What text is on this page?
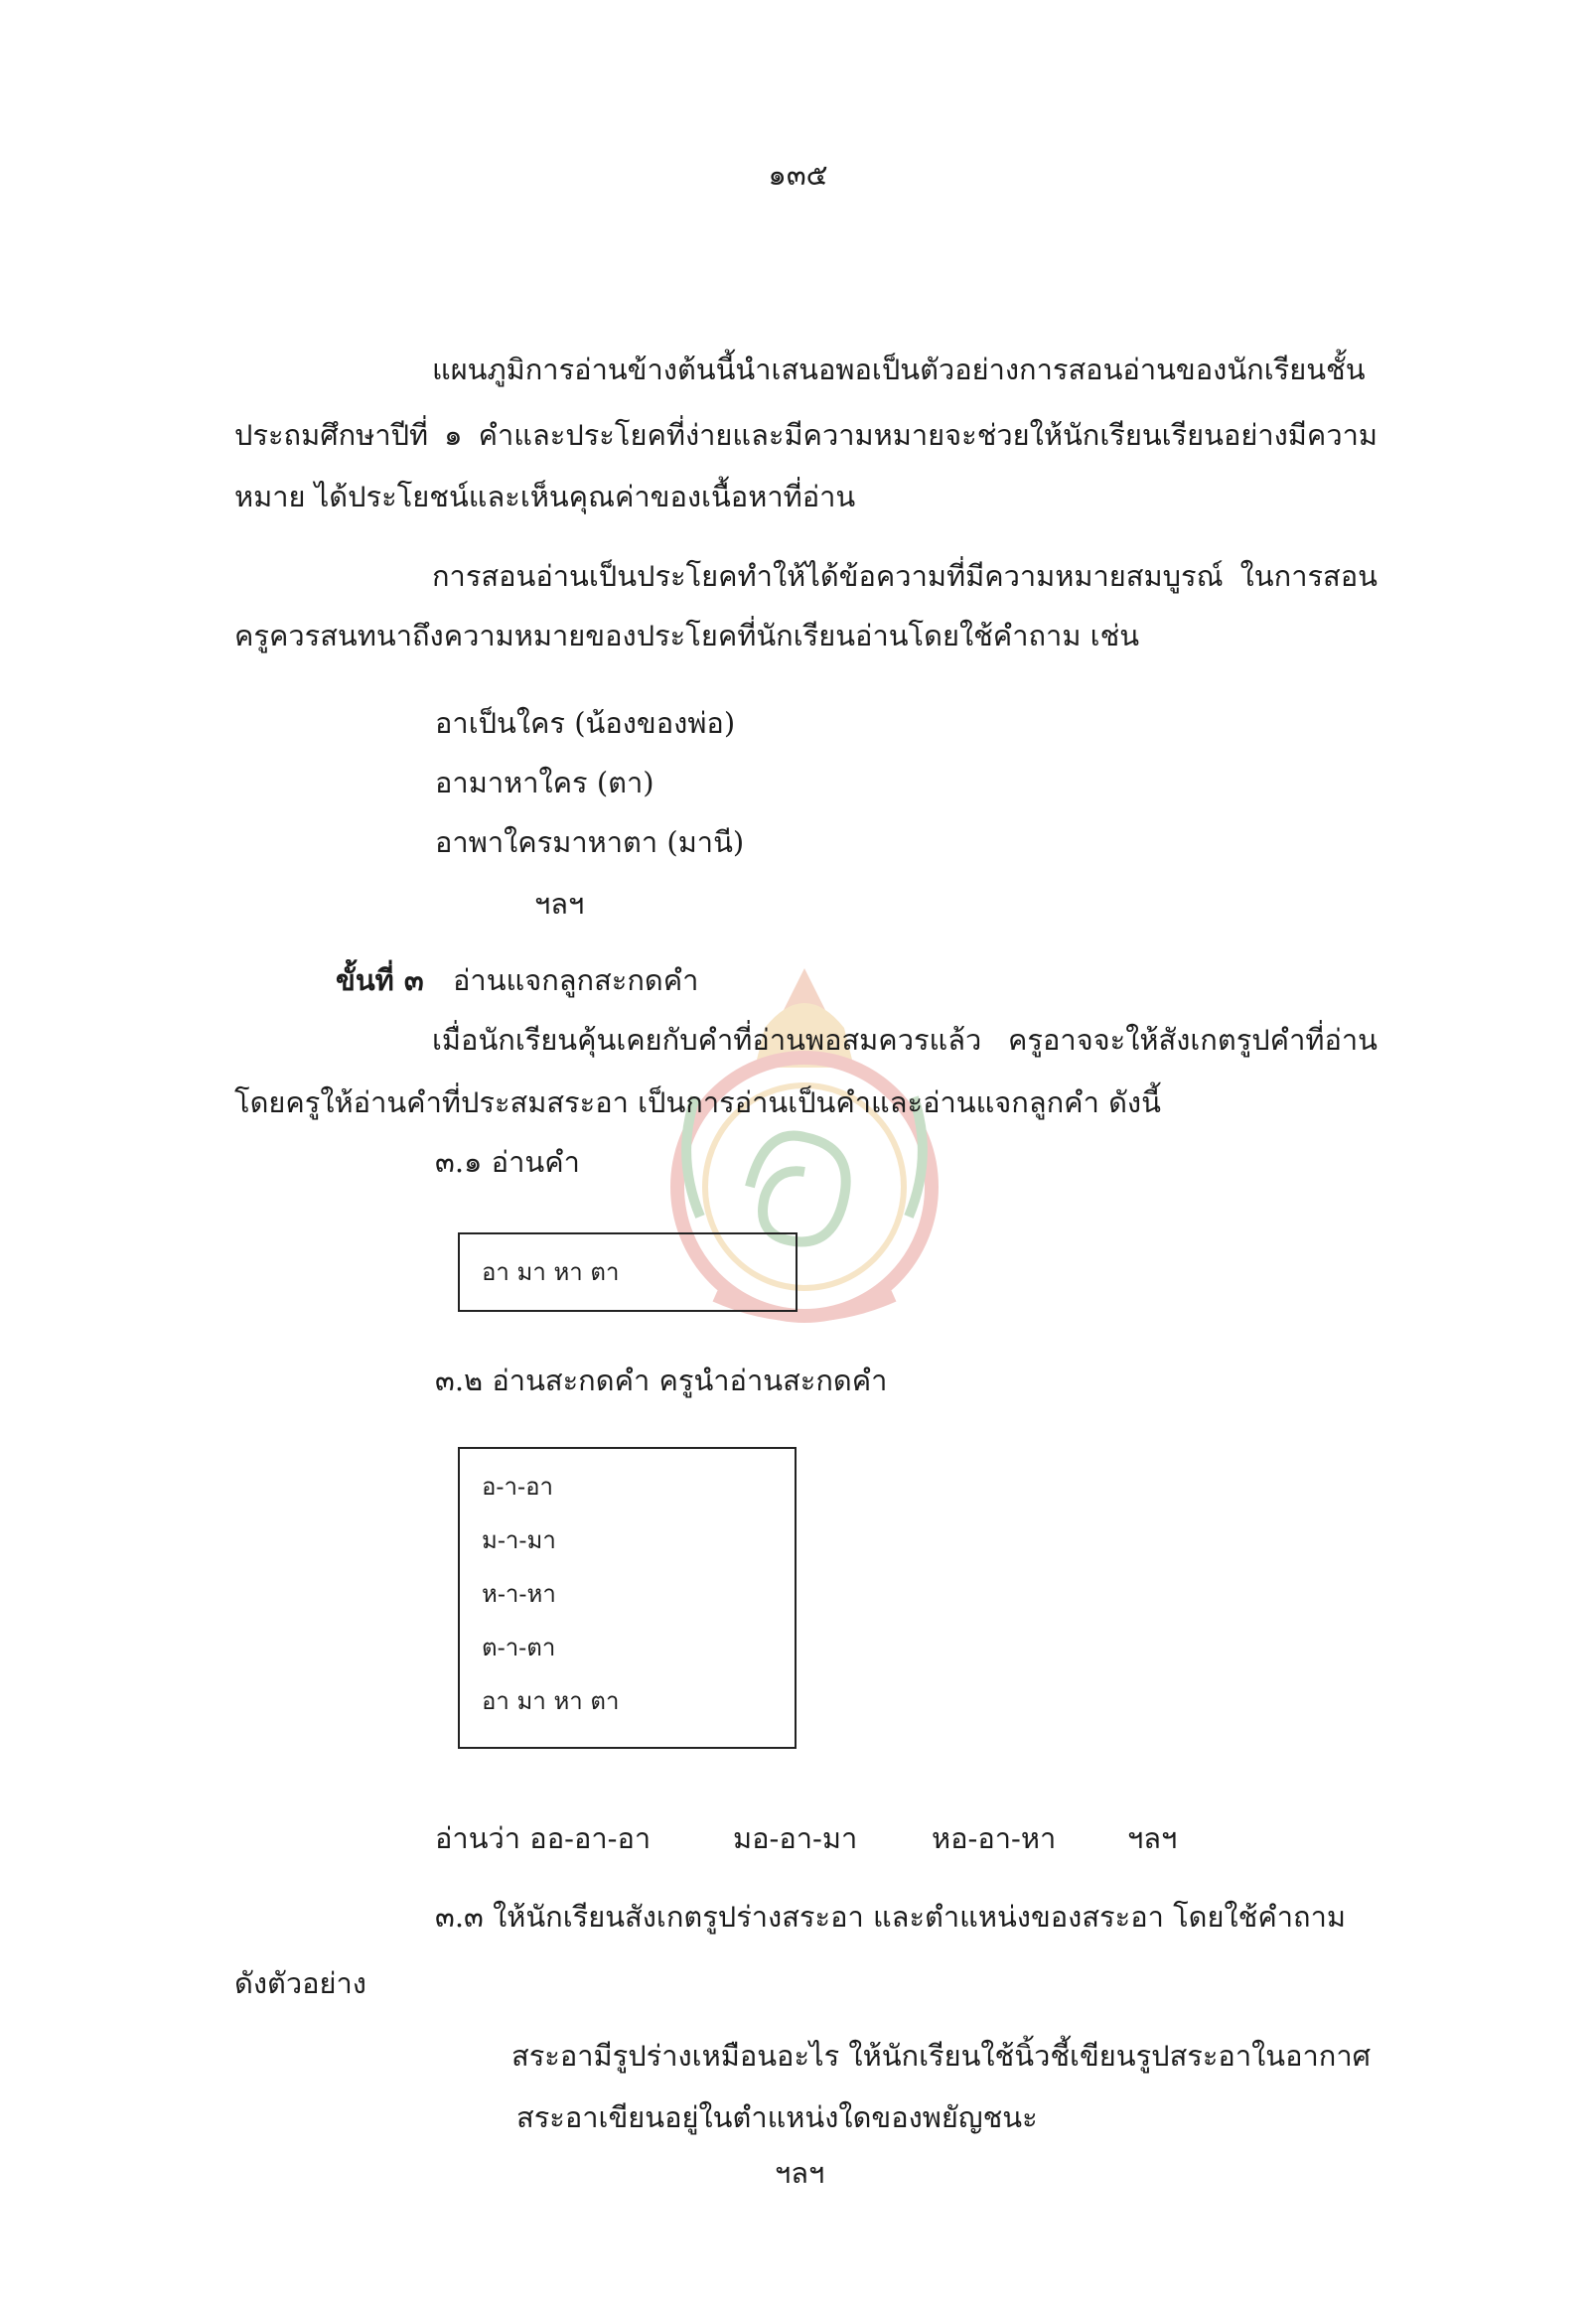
๑๓๕
แผนภูมิการอ่านข้างต้นนี้นำเสนอพอเป็นตัวอย่างการสอนอ่านของนักเรียนชั้น
ประถมศึกษาปีที่ ๑ คำและประโยคที่ง่ายและมีความหมายจะช่วยให้นักเรียนเรียนอย่างมีความ
หมาย ได้ประโยชน์และเห็นคุณค่าของเนื้อหาที่อ่าน
การสอนอ่านเป็นประโยคทำให้ได้ข้อความที่มีความหมายสมบูรณ์ ในการสอน
ครูควรสนทนาถึงความหมายของประโยคที่นักเรียนอ่านโดยใช้คำถาม เช่น
อาเป็นใคร (น้องของพ่อ)
อามาหาใคร (ตา)
อาพาใครมาหาตา (มานี)
ฯลฯ
ขั้นที่ ๓ อ่านแจกลูกสะกดคำ
เมื่อนักเรียนคุ้นเคยกับคำที่อ่านพอสมควรแล้ว ครูอาจจะให้สังเกตรูปคำที่อ่าน
โดยครูให้อ่านคำที่ประสมสระอา เป็นการอ่านเป็นคำและอ่านแจกลูกคำ ดังนี้
๓.๑ อ่านคำ
อา มา หา ตา
๓.๒ อ่านสะกดคำ ครูนำอ่านสะกดคำ
อ-า-อา
ม-า-มา
ห-า-หา
ต-า-ตา
อา มา หา ตา
อ่านว่า ออ-อา-อา	มอ-อา-มา	หอ-อา-หา ฯลฯ
๓.๓ ให้นักเรียนสังเกตรูปร่างสระอา และตำแหน่งของสระอา โดยใช้คำถาม
ดังตัวอย่าง
สระอามีรูปร่างเหมือนอะไร ให้นักเรียนใช้นิ้วชี้เขียนรูปสระอาในอากาศ
สระอาเขียนอยู่ในตำแหน่งใดของพยัญชนะ
ฯลฯ
